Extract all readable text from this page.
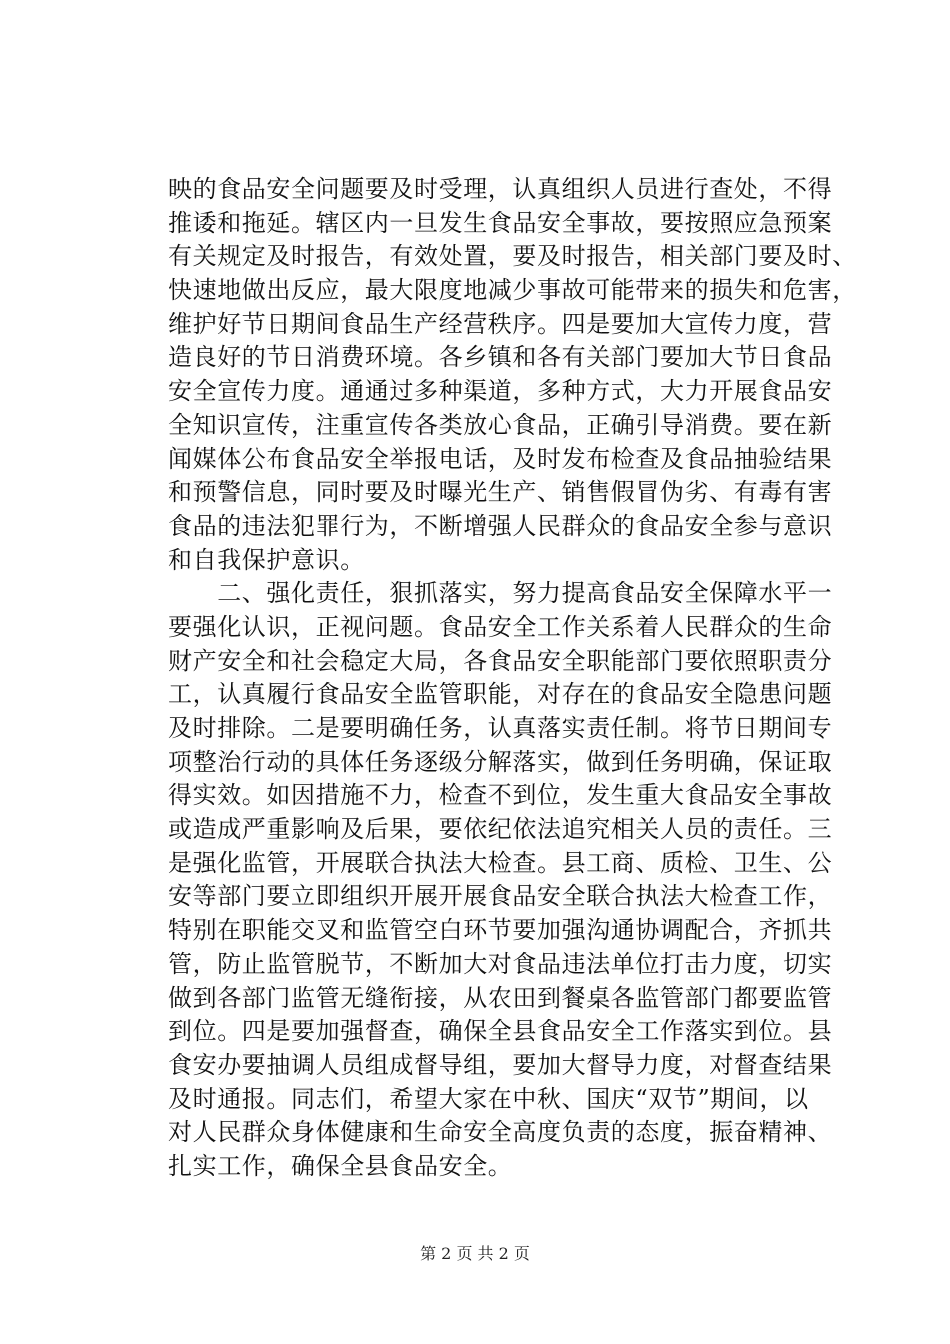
映的食品安全问题要及时受理，认真组织人员进行查处，不得
推诿和拖延。辖区内一旦发生食品安全事故，要按照应急预案
有关规定及时报告，有效处置，要及时报告，相关部门要及时、
快速地做出反应，最大限度地减少事故可能带来的损失和危害，
维护好节日期间食品生产经营秩序。四是要加大宣传力度，营
造良好的节日消费环境。各乡镇和各有关部门要加大节日食品
安全宣传力度。通通过多种渠道，多种方式，大力开展食品安
全知识宣传，注重宣传各类放心食品，正确引导消费。要在新
闻媒体公布食品安全举报电话，及时发布检查及食品抽验结果
和预警信息，同时要及时曝光生产、销售假冒伪劣、有毒有害
食品的违法犯罪行为，不断增强人民群众的食品安全参与意识
和自我保护意识。
　　二、强化责任，狠抓落实，努力提高食品安全保障水平一
要强化认识，正视问题。食品安全工作关系着人民群众的生命
财产安全和社会稳定大局，各食品安全职能部门要依照职责分
工，认真履行食品安全监管职能，对存在的食品安全隐患问题
及时排除。二是要明确任务，认真落实责任制。将节日期间专
项整治行动的具体任务逐级分解落实，做到任务明确，保证取
得实效。如因措施不力，检查不到位，发生重大食品安全事故
或造成严重影响及后果，要依纪依法追究相关人员的责任。三
是强化监管，开展联合执法大检查。县工商、质检、卫生、公
安等部门要立即组织开展开展食品安全联合执法大检查工作，
特别在职能交叉和监管空白环节要加强沟通协调配合，齐抓共
管，防止监管脱节，不断加大对食品违法单位打击力度，切实
做到各部门监管无缝衔接，从农田到餐桌各监管部门都要监管
到位。四是要加强督查，确保全县食品安全工作落实到位。县
食安办要抽调人员组成督导组，要加大督导力度，对督查结果
及时通报。同志们，希望大家在中秋、国庆“双节”期间，以
对人民群众身体健康和生命安全高度负责的态度，振奋精神、
扎实工作，确保全县食品安全。
第 2 页 共 2 页
